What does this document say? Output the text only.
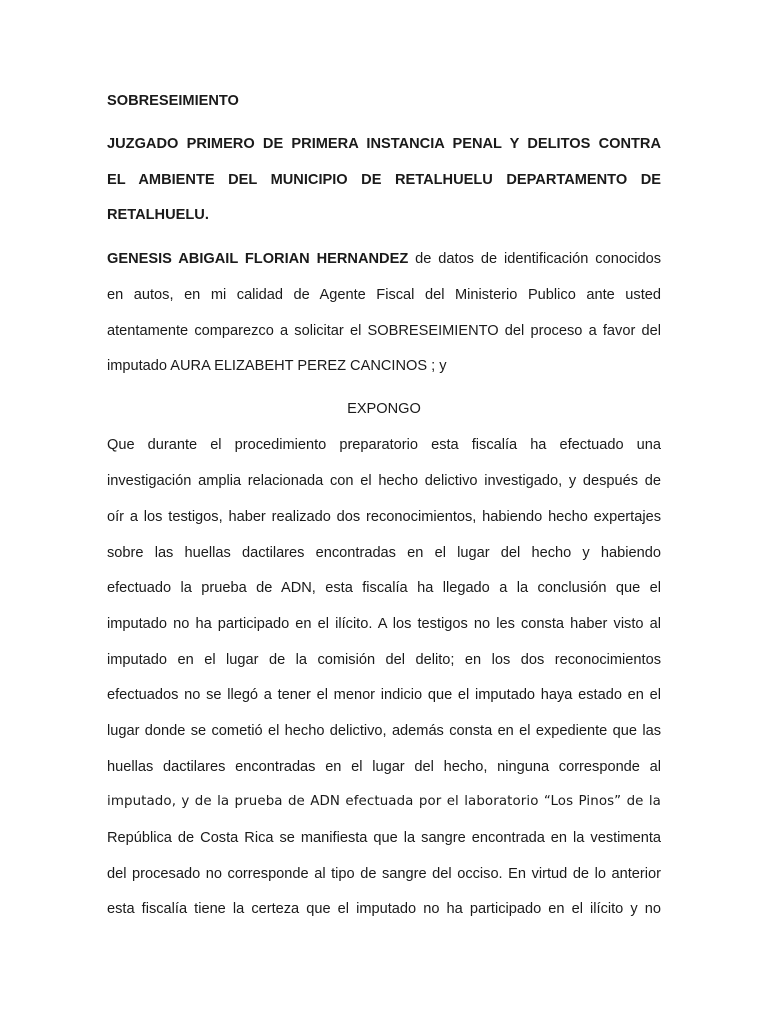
SOBRESEIMIENTO
JUZGADO PRIMERO DE PRIMERA INSTANCIA PENAL Y DELITOS CONTRA
EL AMBIENTE DEL MUNICIPIO DE RETALHUELU DEPARTAMENTO DE
RETALHUELU.
GENESIS ABIGAIL FLORIAN HERNANDEZ de datos de identificación conocidos
en autos, en mi calidad de Agente Fiscal del Ministerio Publico ante usted
atentamente comparezco a solicitar el SOBRESEIMIENTO del proceso a favor del
imputado AURA ELIZABEHT PEREZ CANCINOS ; y
EXPONGO
Que durante el procedimiento preparatorio esta fiscalía ha efectuado una
investigación amplia relacionada con el hecho delictivo investigado, y después de
oír a los testigos, haber realizado dos reconocimientos, habiendo hecho expertajes
sobre las huellas dactilares encontradas en el lugar del hecho y habiendo
efectuado la prueba de ADN, esta fiscalía ha llegado a la conclusión que el
imputado no ha participado en el ilícito. A los testigos no les consta haber visto al
imputado en el lugar de la comisión del delito; en los dos reconocimientos
efectuados no se llegó a tener el menor indicio que el imputado haya estado en el
lugar donde se cometió el hecho delictivo, además consta en el expediente que las
huellas dactilares encontradas en el lugar del hecho, ninguna corresponde al
imputado, y de la prueba de ADN efectuada por el laboratorio “Los Pinos” de la
República de Costa Rica se manifiesta que la sangre encontrada en la vestimenta
del procesado no corresponde al tipo de sangre del occiso. En virtud de lo anterior
esta fiscalía tiene la certeza que el imputado no ha participado en el ilícito y no
